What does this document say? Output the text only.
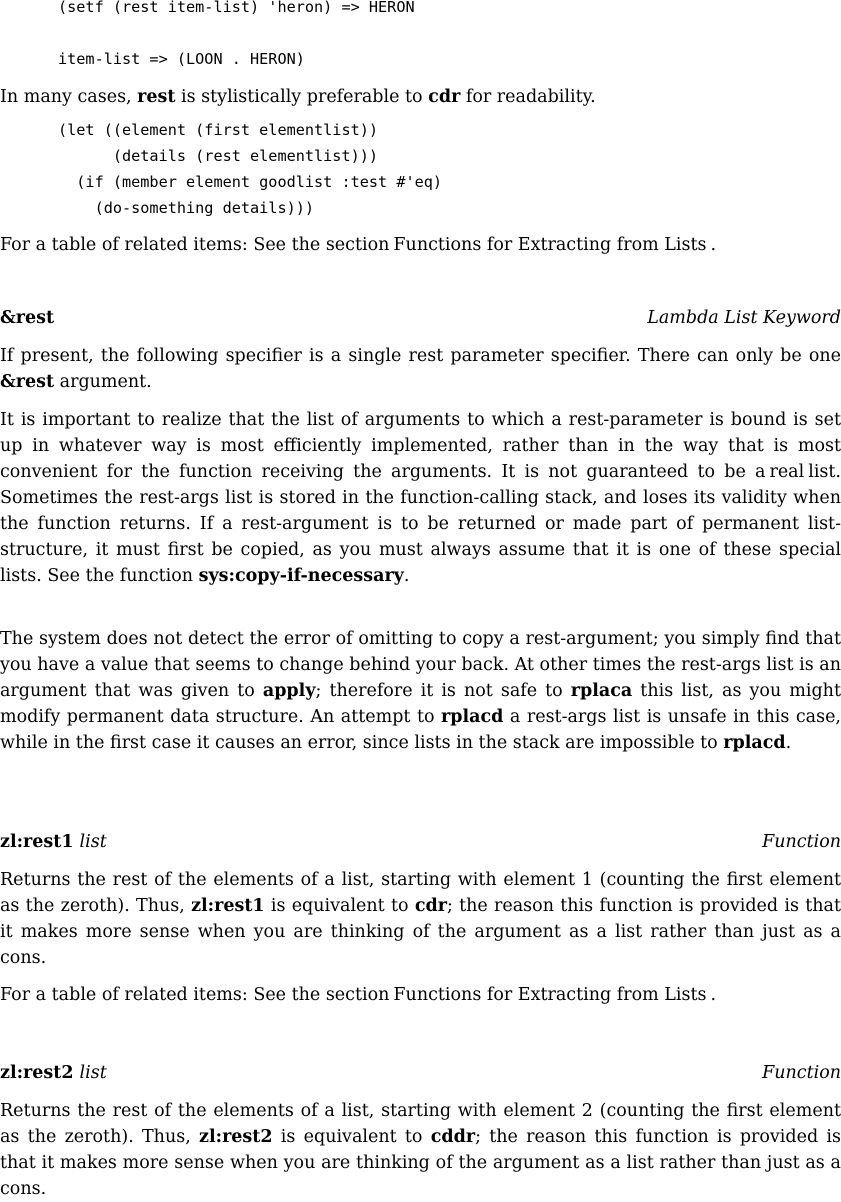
(setf (rest item-list) 'heron) => HERON

item-list => (LOON . HERON)

In many cases, rest is stylistically preferable to cdr for readability.

(let ((element (first elementlist))
(details (rest elementlist)))
(if (member element goodlist :test #'eq)
(do-something details)))

For a table of related items: See the section Functions for Extracting from Lists .

&rest	Lambda List Keyword

If present, the following specifier is a single rest parameter specifier. There can only be one &rest argument.

It is important to realize that the list of arguments to which a rest-parameter is bound is set up in whatever way is most efficiently implemented, rather than in the way that is most convenient for the function receiving the arguments. It is not guaranteed to be a real list. Sometimes the rest-args list is stored in the function-calling stack, and loses its validity when the function returns. If a rest-argument is to be returned or made part of permanent list-structure, it must first be copied, as you must always assume that it is one of these special lists. See the function sys:copy-if-necessary.

The system does not detect the error of omitting to copy a rest-argument; you simply find that you have a value that seems to change behind your back. At other times the rest-args list is an argument that was given to apply; therefore it is not safe to rplaca this list, as you might modify permanent data structure. An attempt to rplacd a rest-args list is unsafe in this case, while in the first case it causes an error, since lists in the stack are impossible to rplacd.

zl:rest1 list	Function

Returns the rest of the elements of a list, starting with element 1 (counting the first element as the zeroth). Thus, zl:rest1 is equivalent to cdr; the reason this function is provided is that it makes more sense when you are thinking of the argument as a list rather than just as a cons.

For a table of related items: See the section Functions for Extracting from Lists .

zl:rest2 list	Function

Returns the rest of the elements of a list, starting with element 2 (counting the first element as the zeroth). Thus, zl:rest2 is equivalent to cddr; the reason this function is provided is that it makes more sense when you are thinking of the argument as a list rather than just as a cons.
